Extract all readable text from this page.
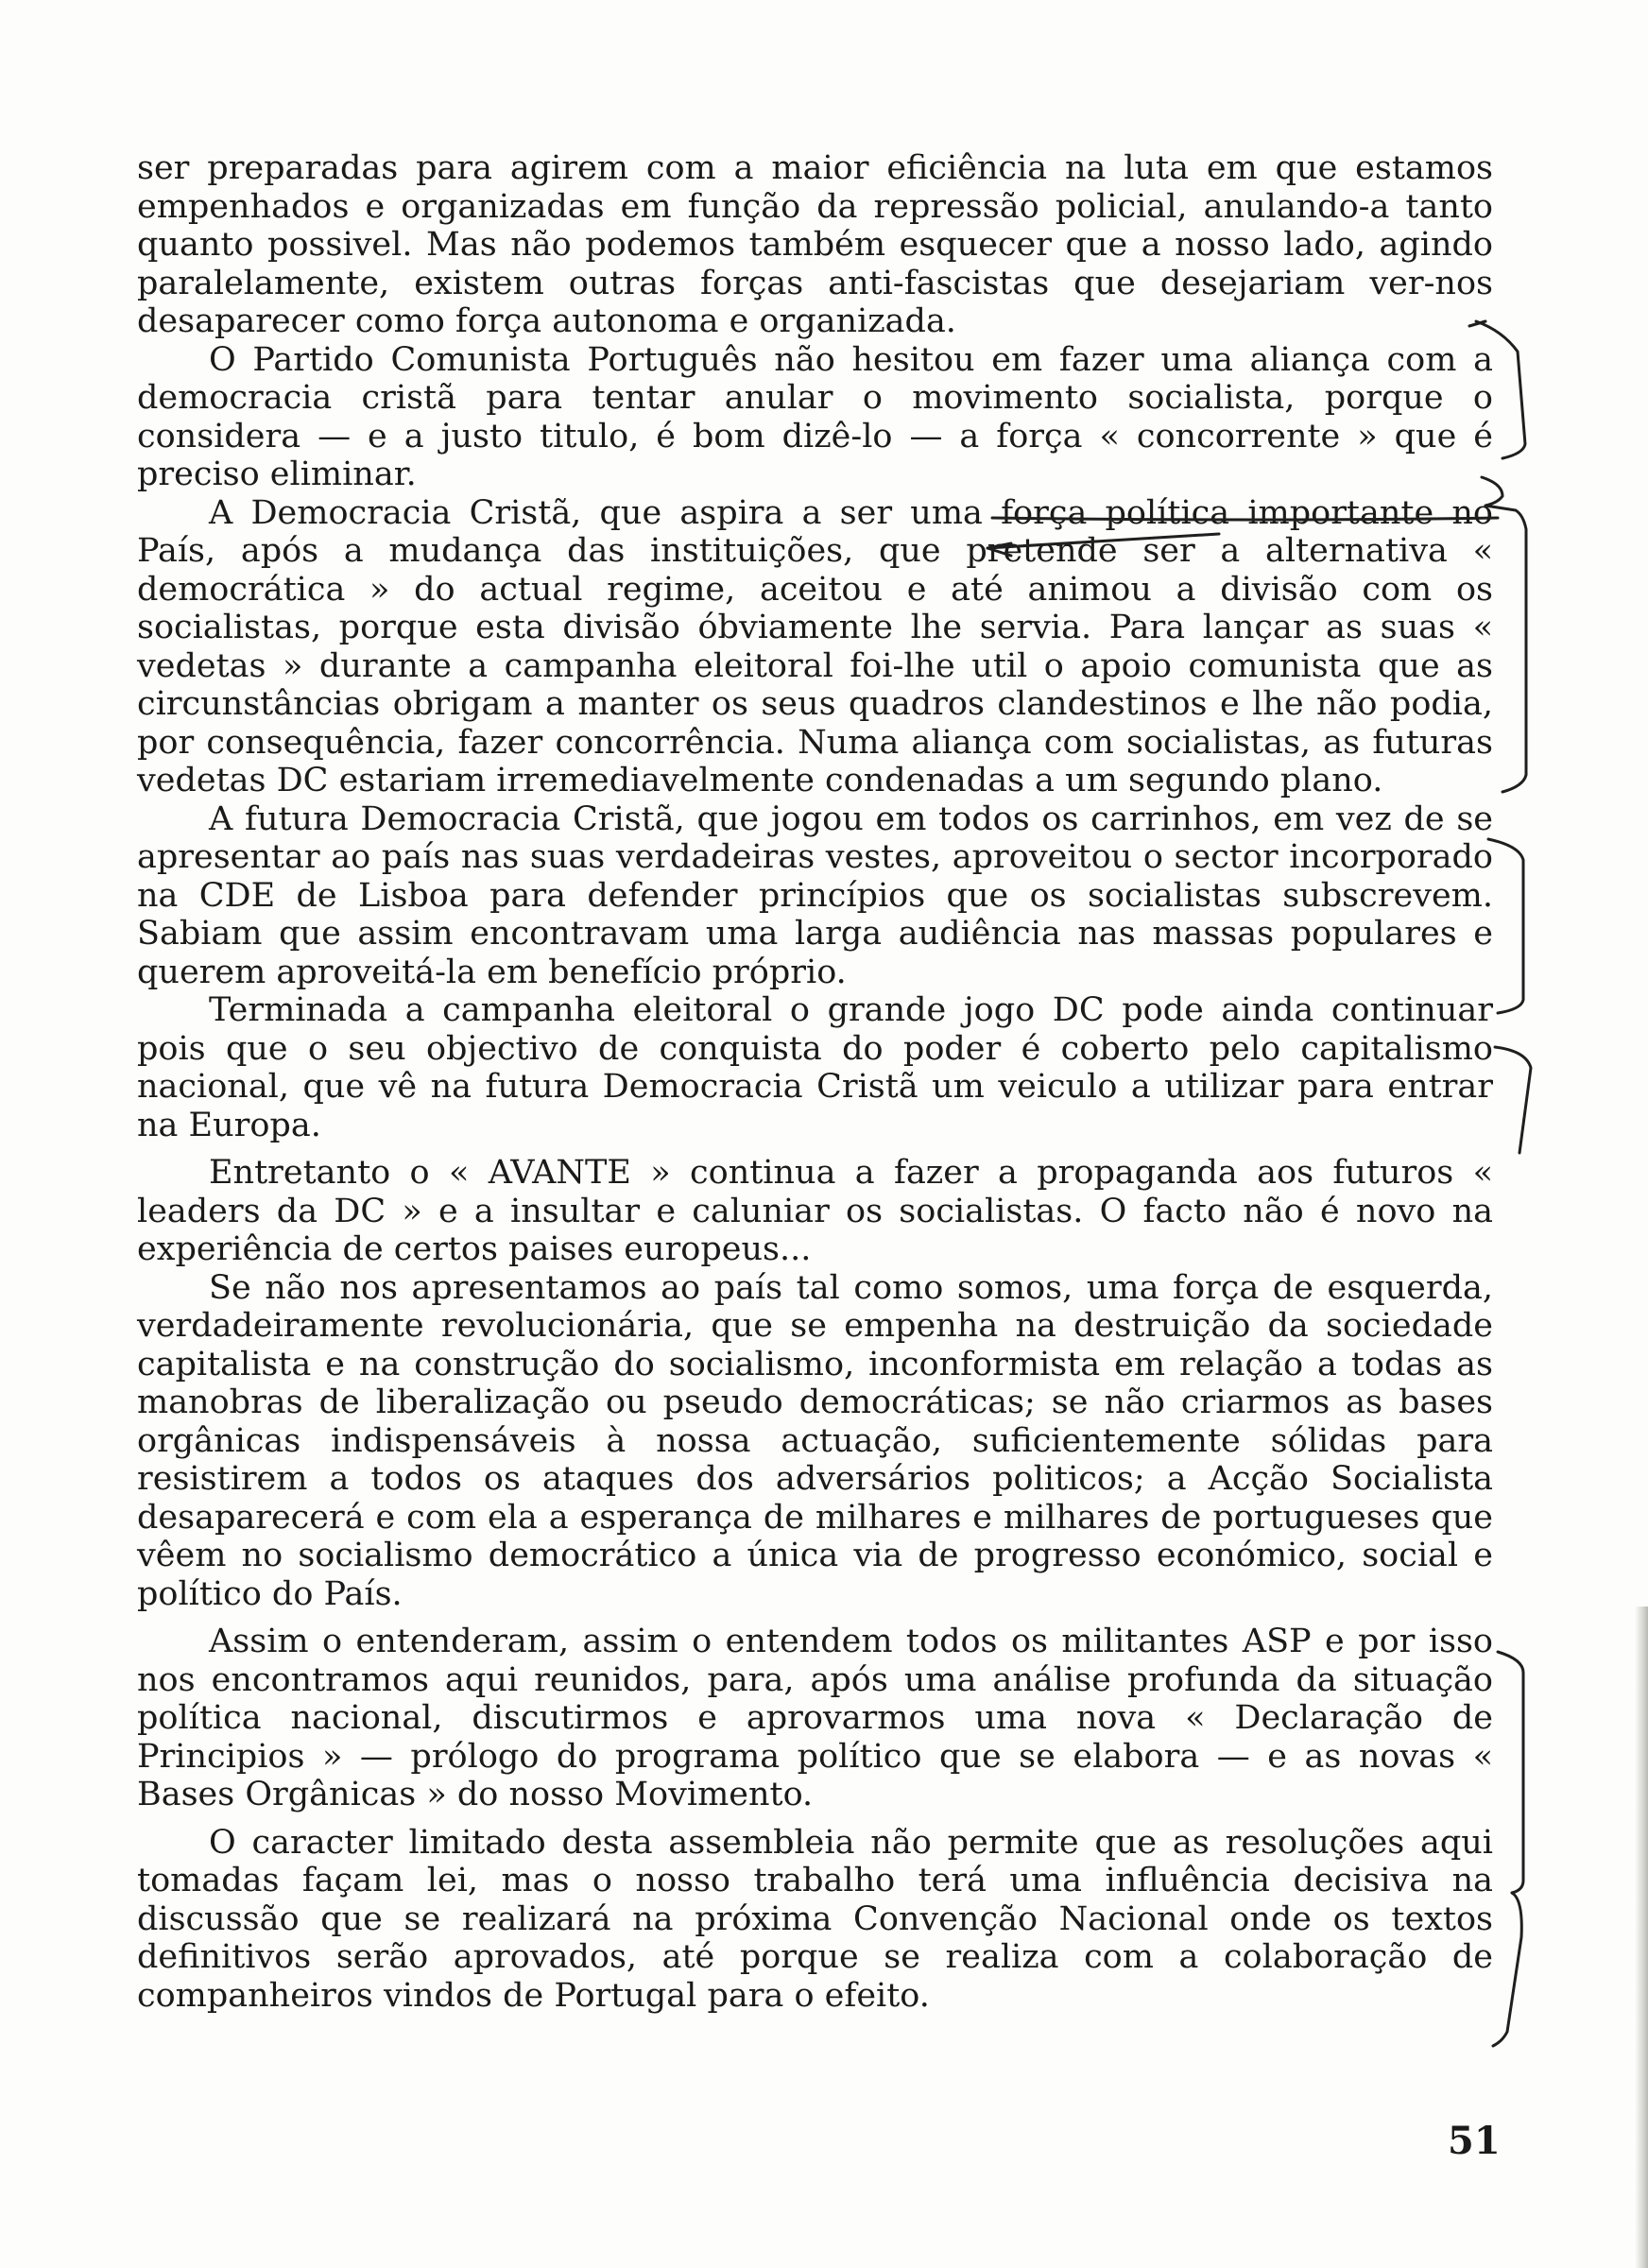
ser preparadas para agirem com a maior eficiência na luta em que estamos empenhados e organizadas em função da repressão policial, anulando-a tanto quanto possivel. Mas não podemos também esquecer que a nosso lado, agindo paralelamente, existem outras forças anti-fascistas que desejariam ver-nos desaparecer como força autonoma e organizada.

O Partido Comunista Português não hesitou em fazer uma aliança com a democracia cristã para tentar anular o movimento socialista, porque o considera — e a justo titulo, é bom dizê-lo — a força « concorrente » que é preciso eliminar.

A Democracia Cristã, que aspira a ser uma força política importante no País, após a mudança das instituições, que pretende ser a alternativa « democrática » do actual regime, aceitou e até animou a divisão com os socialistas, porque esta divisão óbviamente lhe servia. Para lançar as suas « vedetas » durante a campanha eleitoral foi-lhe util o apoio comunista que as circunstâncias obrigam a manter os seus quadros clandestinos e lhe não podia, por consequência, fazer concorrência. Numa aliança com socialistas, as futuras vedetas DC estariam irremediavelmente condenadas a um segundo plano.

A futura Democracia Cristã, que jogou em todos os carrinhos, em vez de se apresentar ao país nas suas verdadeiras vestes, aproveitou o sector incorporado na CDE de Lisboa para defender princípios que os socialistas subscrevem. Sabiam que assim encontravam uma larga audiência nas massas populares e querem aproveitá-la em benefício próprio.

Terminada a campanha eleitoral o grande jogo DC pode ainda continuar pois que o seu objectivo de conquista do poder é coberto pelo capitalismo nacional, que vê na futura Democracia Cristã um veiculo a utilizar para entrar na Europa.

Entretanto o « AVANTE » continua a fazer a propaganda aos futuros « leaders da DC » e a insultar e caluniar os socialistas. O facto não é novo na experiência de certos paises europeus...

Se não nos apresentamos ao país tal como somos, uma força de esquerda, verdadeiramente revolucionária, que se empenha na destruição da sociedade capitalista e na construção do socialismo, inconformista em relação a todas as manobras de liberalização ou pseudo democráticas; se não criarmos as bases orgânicas indispensáveis à nossa actuação, suficientemente sólidas para resistirem a todos os ataques dos adversários politicos; a Acção Socialista desaparecerá e com ela a esperança de milhares e milhares de portugueses que vêem no socialismo democrático a única via de progresso económico, social e político do País.

Assim o entenderam, assim o entendem todos os militantes ASP e por isso nos encontramos aqui reunidos, para, após uma análise profunda da situação política nacional, discutirmos e aprovarmos uma nova « Declaração de Principios » — prólogo do programa político que se elabora — e as novas « Bases Orgânicas » do nosso Movimento.

O caracter limitado desta assembleia não permite que as resoluções aqui tomadas façam lei, mas o nosso trabalho terá uma influência decisiva na discussão que se realizará na próxima Convenção Nacional onde os textos definitivos serão aprovados, até porque se realiza com a colaboração de companheiros vindos de Portugal para o efeito.

51
